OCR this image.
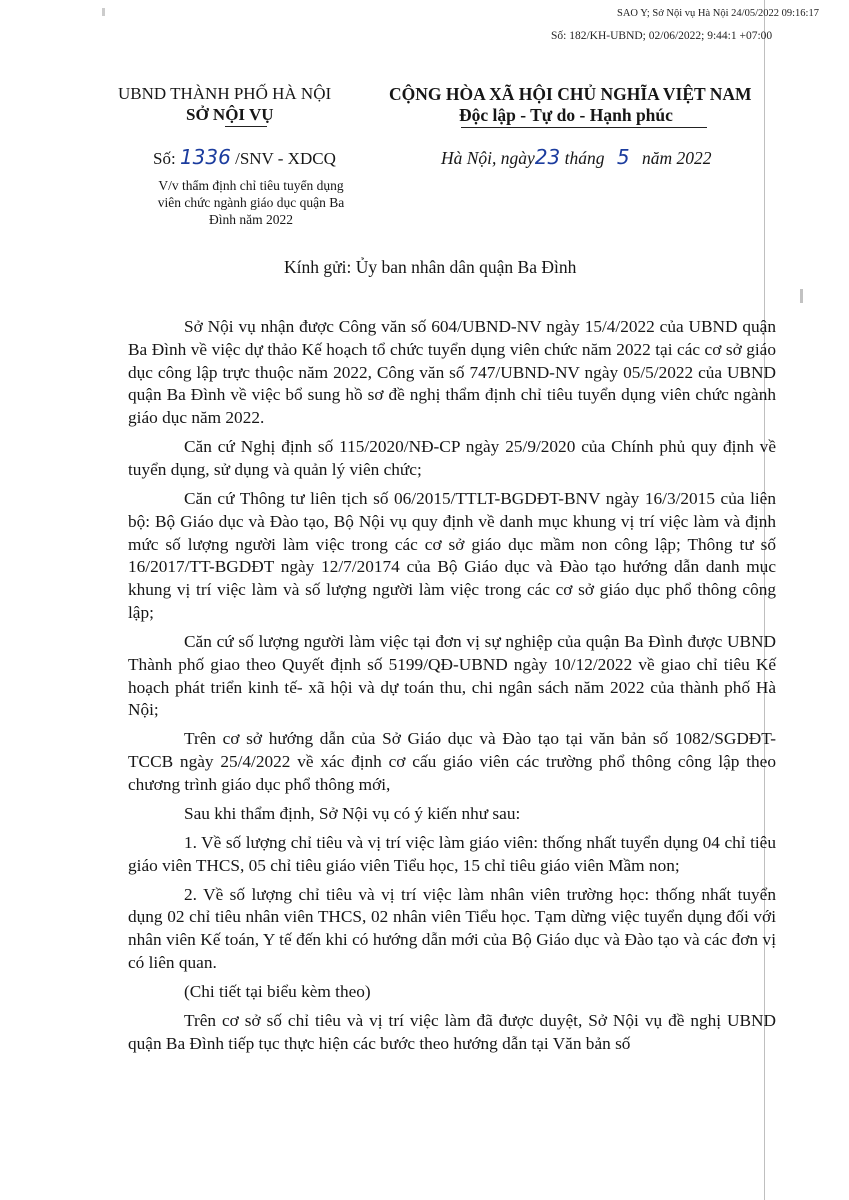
SAO Y; Sở Nội vụ Hà Nội 24/05/2022 09:16:17
Số: 182/KH-UBND; 02/06/2022; 9:44:1 +07:00
UBND THÀNH PHỐ HÀ NỘI
SỞ NỘI VỤ
Số: 1336 /SNV - XDCQ
V/v thẩm định chỉ tiêu tuyển dụng
viên chức ngành giáo dục quận Ba
Đình năm 2022
CỘNG HÒA XÃ HỘI CHỦ NGHĨA VIỆT NAM
Độc lập - Tự do - Hạnh phúc
Hà Nội, ngày23 tháng 5 năm 2022
Kính gửi: Ủy ban nhân dân quận Ba Đình

Sở Nội vụ nhận được Công văn số 604/UBND-NV ngày 15/4/2022 của UBND quận Ba Đình về việc dự thảo Kế hoạch tổ chức tuyển dụng viên chức năm 2022 tại các cơ sở giáo dục công lập trực thuộc năm 2022, Công văn số 747/UBND-NV ngày 05/5/2022 của UBND quận Ba Đình về việc bổ sung hồ sơ đề nghị thẩm định chỉ tiêu tuyển dụng viên chức ngành giáo dục năm 2022.

Căn cứ Nghị định số 115/2020/NĐ-CP ngày 25/9/2020 của Chính phủ quy định về tuyển dụng, sử dụng và quản lý viên chức;

Căn cứ Thông tư liên tịch số 06/2015/TTLT-BGDĐT-BNV ngày 16/3/2015 của liên bộ: Bộ Giáo dục và Đào tạo, Bộ Nội vụ quy định về danh mục khung vị trí việc làm và định mức số lượng người làm việc trong các cơ sở giáo dục mầm non công lập; Thông tư số 16/2017/TT-BGDĐT ngày 12/7/20174 của Bộ Giáo dục và Đào tạo hướng dẫn danh mục khung vị trí việc làm và số lượng người làm việc trong các cơ sở giáo dục phổ thông công lập;

Căn cứ số lượng người làm việc tại đơn vị sự nghiệp của quận Ba Đình được UBND Thành phố giao theo Quyết định số 5199/QĐ-UBND ngày 10/12/2022 về giao chỉ tiêu Kế hoạch phát triển kinh tế- xã hội và dự toán thu, chi ngân sách năm 2022 của thành phố Hà Nội;

Trên cơ sở hướng dẫn của Sở Giáo dục và Đào tạo tại văn bản số 1082/SGDĐT-TCCB ngày 25/4/2022 về xác định cơ cấu giáo viên các trường phổ thông công lập theo chương trình giáo dục phổ thông mới,

Sau khi thẩm định, Sở Nội vụ có ý kiến như sau:

1. Về số lượng chỉ tiêu và vị trí việc làm giáo viên: thống nhất tuyển dụng 04 chỉ tiêu giáo viên THCS, 05 chỉ tiêu giáo viên Tiểu học, 15 chỉ tiêu giáo viên Mầm non;

2. Về số lượng chỉ tiêu và vị trí việc làm nhân viên trường học: thống nhất tuyển dụng 02 chỉ tiêu nhân viên THCS, 02 nhân viên Tiểu học. Tạm dừng việc tuyển dụng đối với nhân viên Kế toán, Y tế đến khi có hướng dẫn mới của Bộ Giáo dục và Đào tạo và các đơn vị có liên quan.

(Chi tiết tại biểu kèm theo)

Trên cơ sở số chỉ tiêu và vị trí việc làm đã được duyệt, Sở Nội vụ đề nghị UBND quận Ba Đình tiếp tục thực hiện các bước theo hướng dẫn tại Văn bản số
